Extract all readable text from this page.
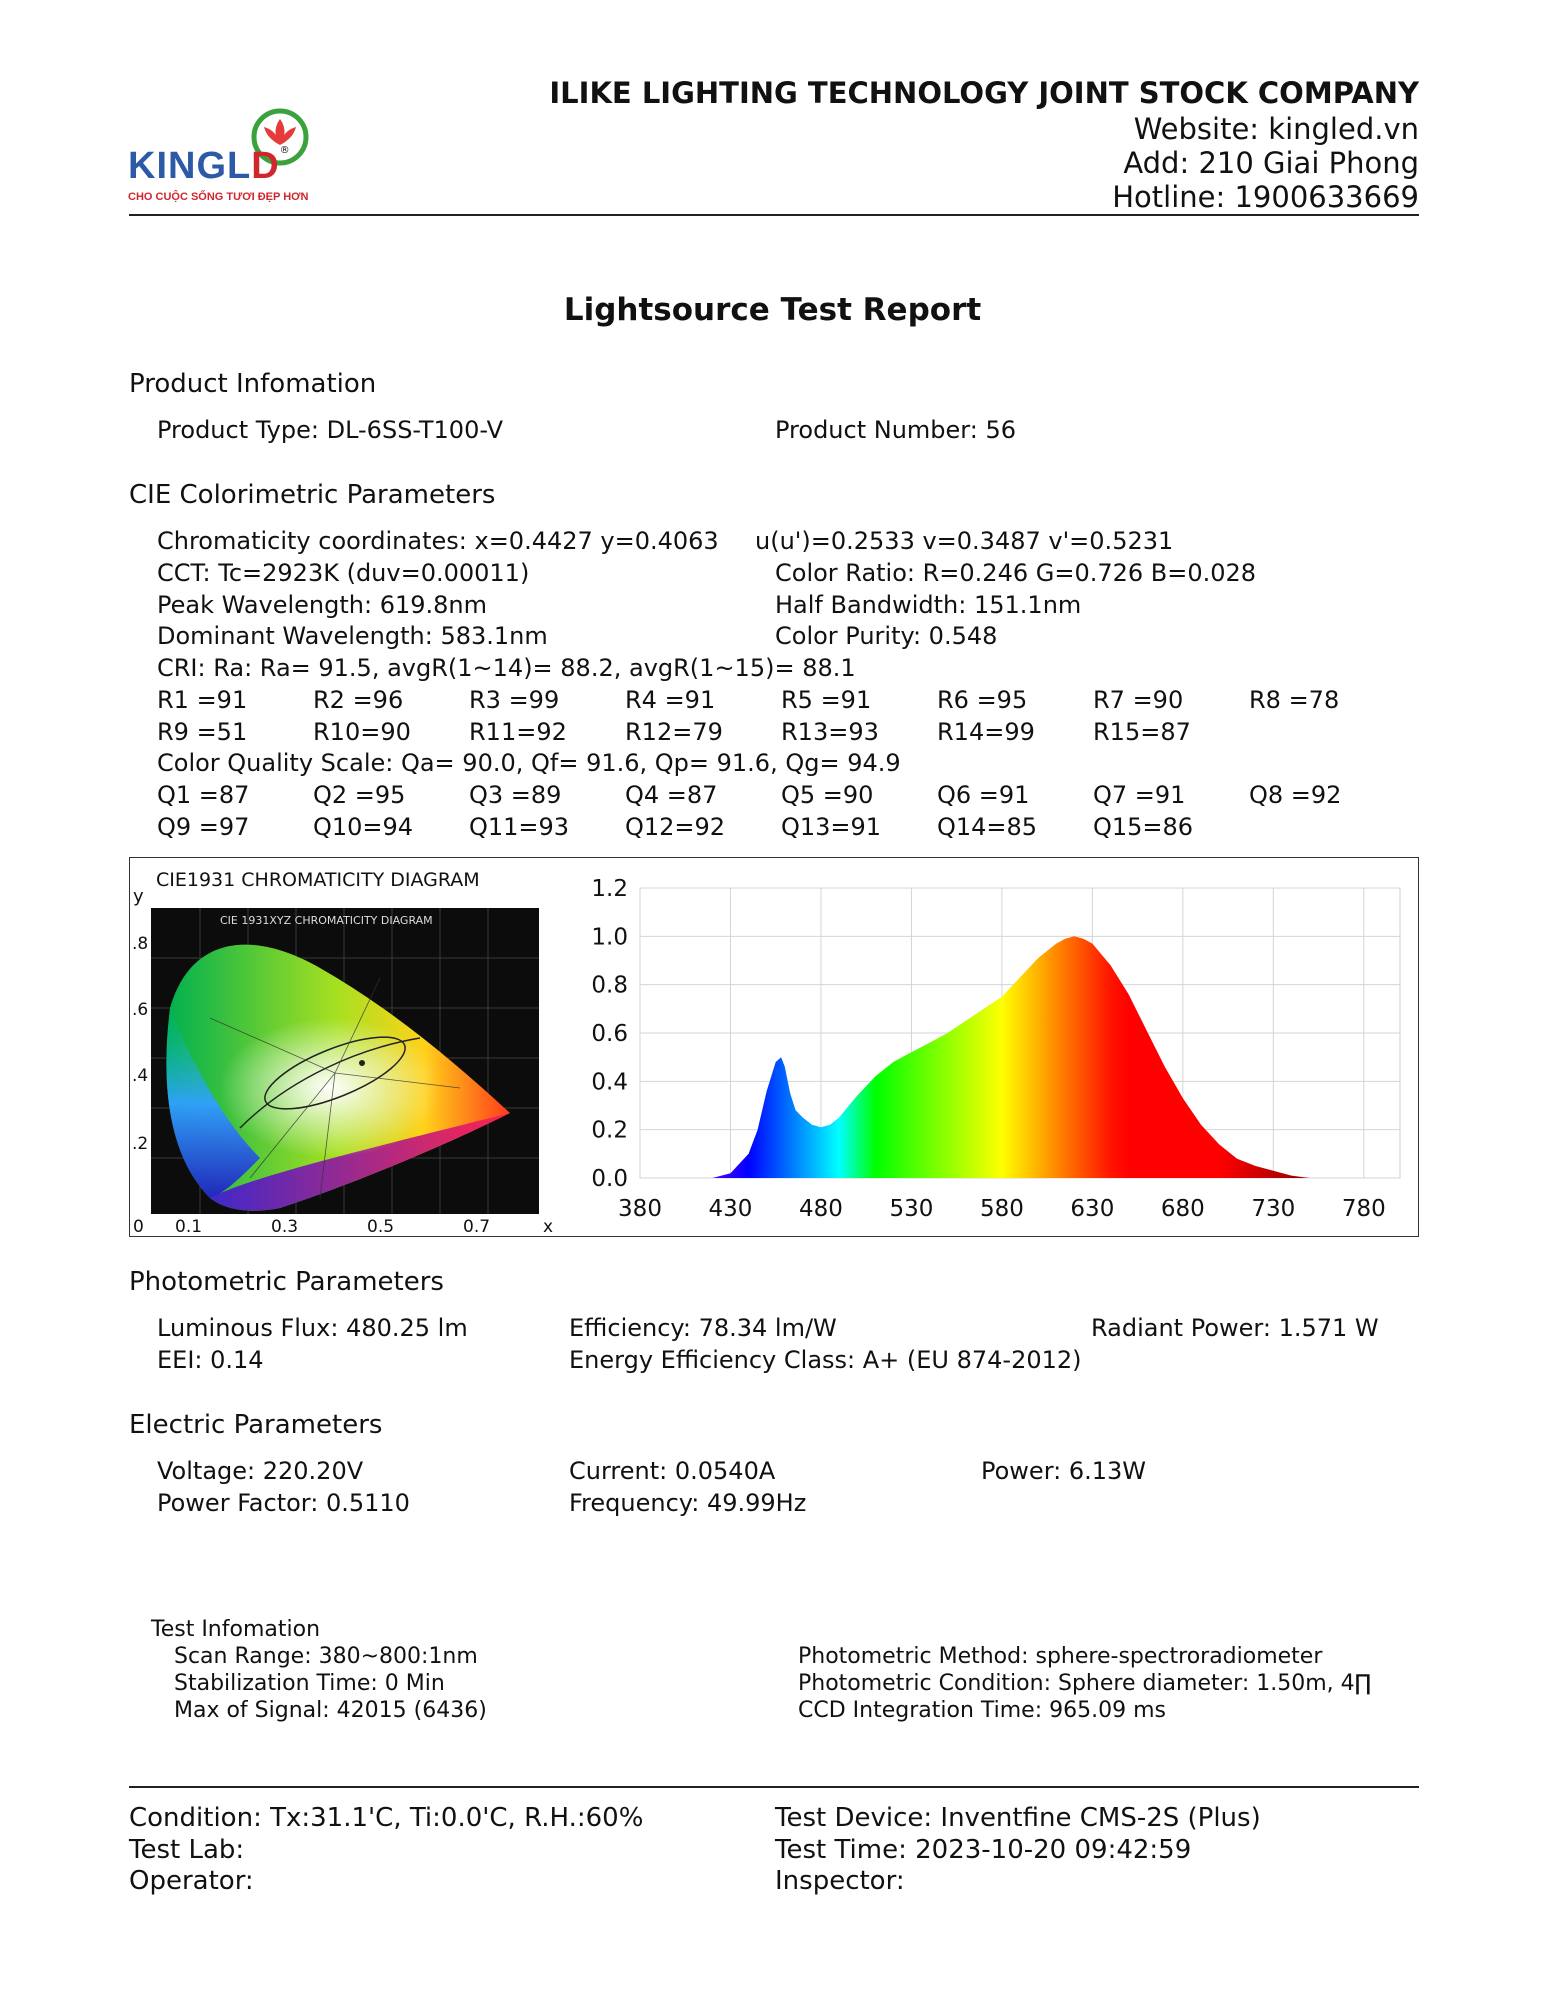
KINGLD®
CHO CUỘC SỐNG TƯƠI ĐẸP HƠN
ILIKE LIGHTING TECHNOLOGY JOINT STOCK COMPANY
Website: kingled.vn
Add: 210 Giai Phong
Hotline: 1900633669
Lightsource Test Report
Product Infomation
Product Type: DL-6SS-T100-V	Product Number: 56
CIE Colorimetric Parameters
Chromaticity coordinates: x=0.4427 y=0.4063 u(u')=0.2533 v=0.3487 v'=0.5231
CCT: Tc=2923K (duv=0.00011)	Color Ratio: R=0.246 G=0.726 B=0.028
Peak Wavelength: 619.8nm	Half Bandwidth: 151.1nm
Dominant Wavelength: 583.1nm	Color Purity: 0.548
CRI: Ra: Ra= 91.5, avgR(1~14)= 88.2, avgR(1~15)= 88.1
R1 =91	R2 =96	R3 =99	R4 =91	R5 =91	R6 =95	R7 =90	R8 =78
R9 =51	R10=90 R11=92 R12=79 R13=93 R14=99 R15=87
Color Quality Scale: Qa= 90.0, Qf= 91.6, Qp= 91.6, Qg= 94.9
Q1 =87	Q2 =95	Q3 =89	Q4 =87	Q5 =90	Q6 =91	Q7 =91	Q8 =92
Q9 =97	Q10=94 Q11=93 Q12=92 Q13=91 Q14=85 Q15=86
CIE1931 CHROMATICITY DIAGRAM
y
CIE 1931XYZ CHROMATICITY DIAGRAM
.8
.6
.4
.2
0 0.1	0.3	0.5	0.7	x
0.0
0.2
0.4
0.6
0.8
1.0
1.2
380 430 480 530 580 630 680 730 780
Photometric Parameters
Luminous Flux: 480.25 lm	Efficiency: 78.34 lm/W	Radiant Power: 1.571 W
EEI: 0.14	Energy Efficiency Class: A+ (EU 874-2012)
Electric Parameters
Voltage: 220.20V	Current: 0.0540A	Power: 6.13W
Power Factor: 0.5110	Frequency: 49.99Hz
Test Infomation
Scan Range: 380~800:1nm
Stabilization Time: 0 Min
Max of Signal: 42015 (6436)
Photometric Method: sphere-spectroradiometer
Photometric Condition: Sphere diameter: 1.50m, 4∏
CCD Integration Time: 965.09 ms
Condition: Tx:31.1'C, Ti:0.0'C, R.H.:60%	Test Device: Inventfine CMS-2S (Plus)
Test Lab:	Test Time: 2023-10-20 09:42:59
Operator:	Inspector:
